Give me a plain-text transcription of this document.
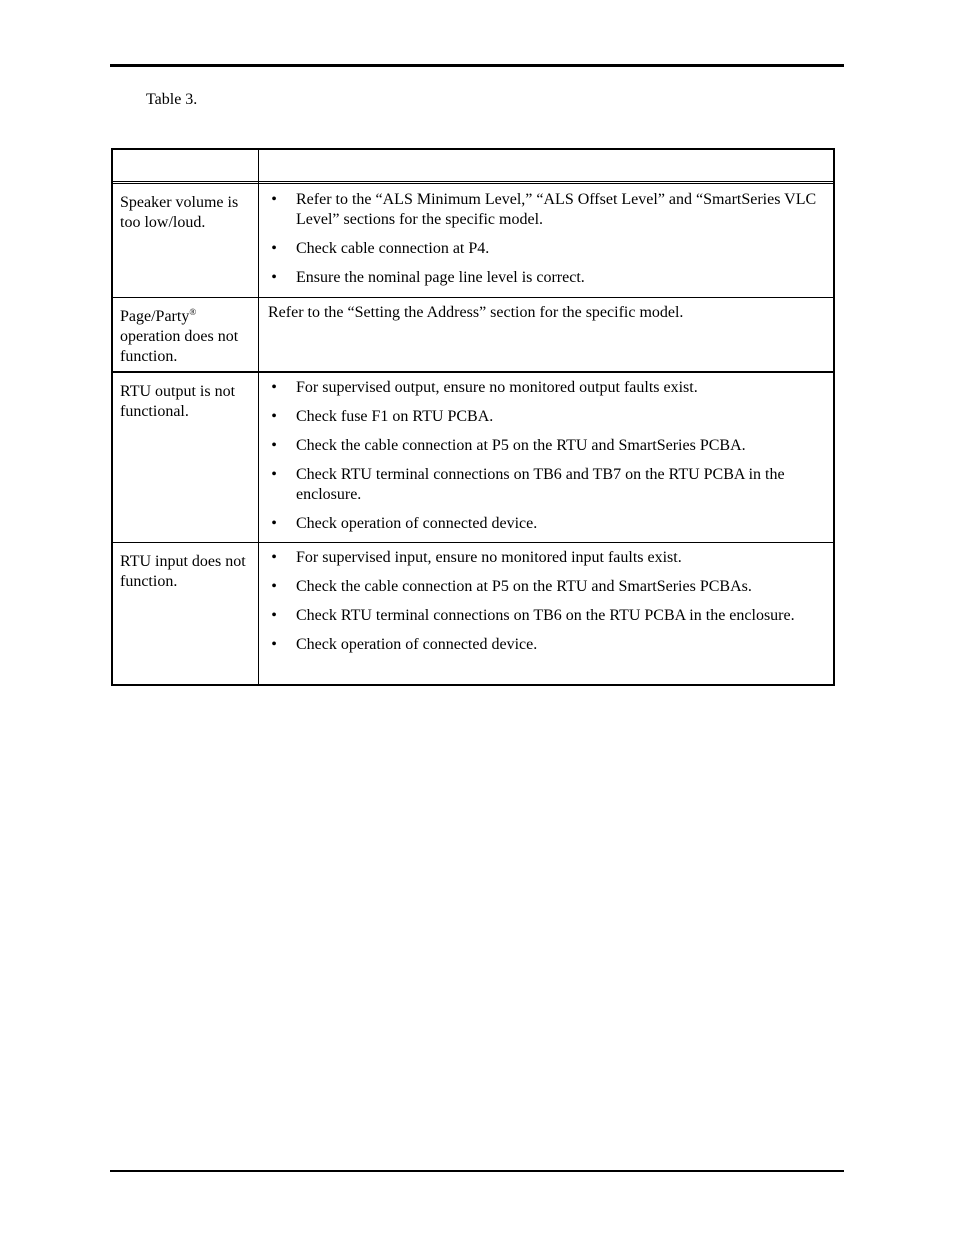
Table 3.
Speaker volume is too low/loud.
• Refer to the “ALS Minimum Level,” “ALS Offset Level” and “SmartSeries VLC Level” sections for the specific model.
• Check cable connection at P4.
• Ensure the nominal page line level is correct.
Page/Party® operation does not function.

Refer to the “Setting the Address” section for the specific model.

RTU output is not functional.
• For supervised output, ensure no monitored output faults exist.
• Check fuse F1 on RTU PCBA.
• Check the cable connection at P5 on the RTU and SmartSeries PCBA.
• Check RTU terminal connections on TB6 and TB7 on the RTU PCBA in the enclosure.
• Check operation of connected device.
RTU input does not function.
• For supervised input, ensure no monitored input faults exist.
• Check the cable connection at P5 on the RTU and SmartSeries PCBAs.
• Check RTU terminal connections on TB6 on the RTU PCBA in the enclosure.
• Check operation of connected device.
